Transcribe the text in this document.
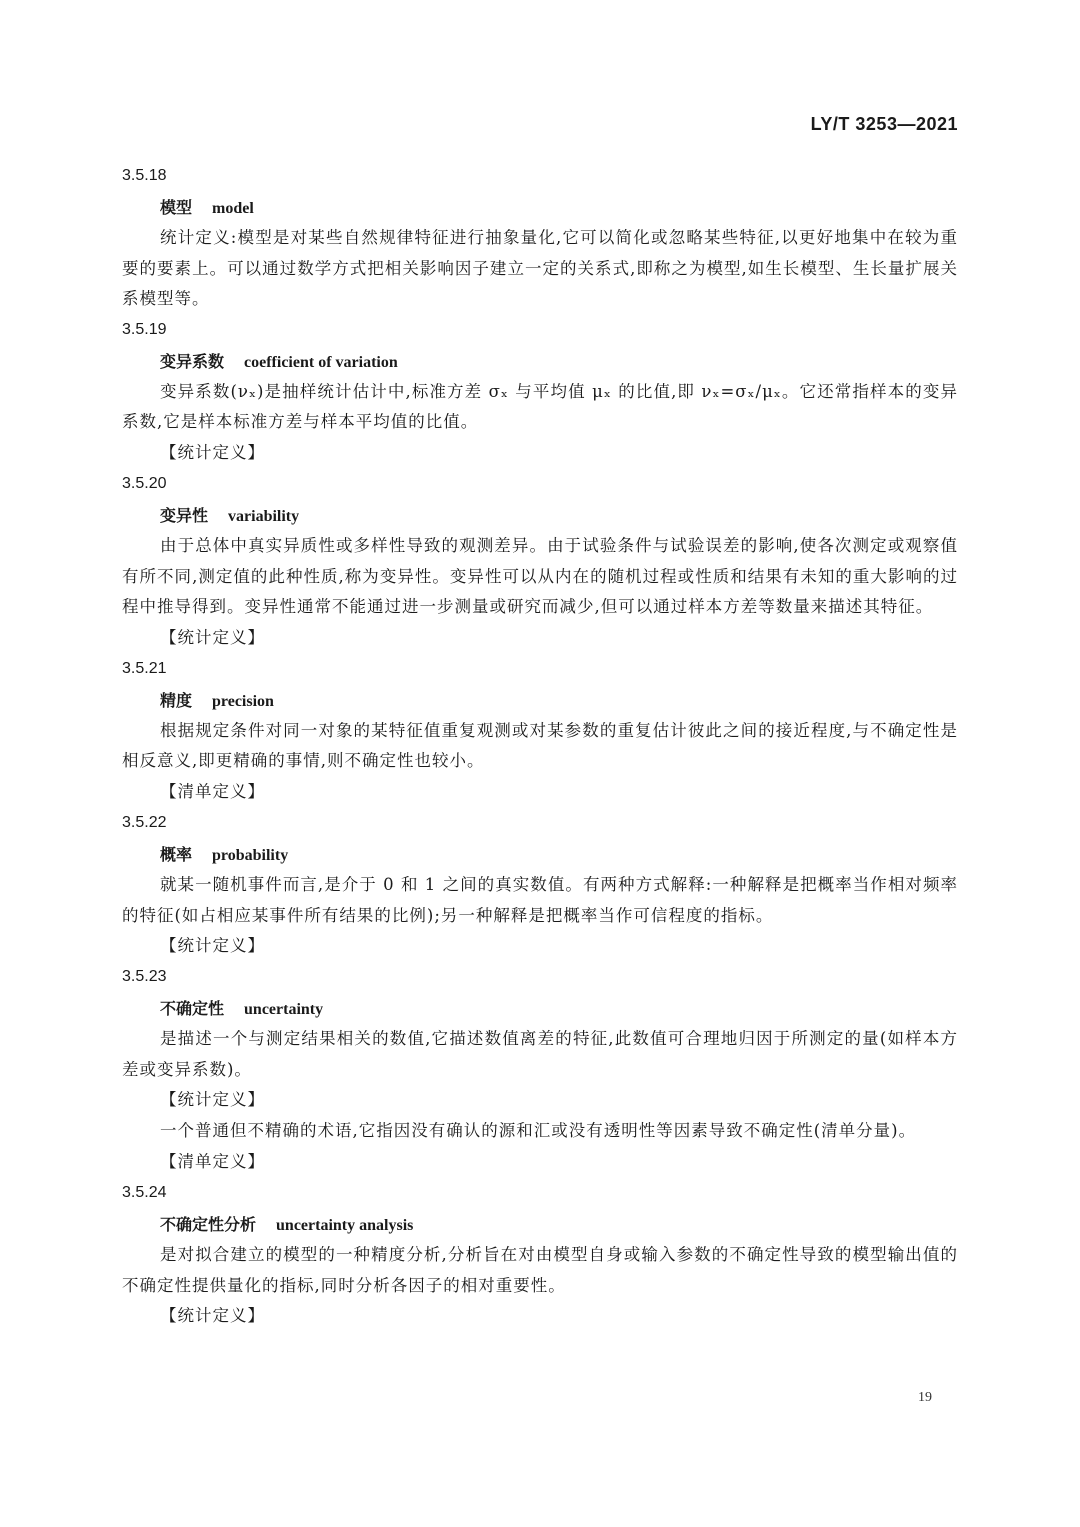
LY/T 3253—2021

3.5.18

模型 model

统计定义:模型是对某些自然规律特征进行抽象量化,它可以简化或忽略某些特征,以更好地集中在较为重要的要素上。可以通过数学方式把相关影响因子建立一定的关系式,即称之为模型,如生长模型、生长量扩展关系模型等。

3.5.19

变异系数 coefficient of variation

变异系数(νₓ)是抽样统计估计中,标准方差 σₓ 与平均值 μₓ 的比值,即 νₓ=σₓ/μₓ。它还常指样本的变异系数,它是样本标准方差与样本平均值的比值。

【统计定义】

3.5.20

变异性 variability

由于总体中真实异质性或多样性导致的观测差异。由于试验条件与试验误差的影响,使各次测定或观察值有所不同,测定值的此种性质,称为变异性。变异性可以从内在的随机过程或性质和结果有未知的重大影响的过程中推导得到。变异性通常不能通过进一步测量或研究而减少,但可以通过样本方差等数量来描述其特征。

【统计定义】

3.5.21

精度 precision

根据规定条件对同一对象的某特征值重复观测或对某参数的重复估计彼此之间的接近程度,与不确定性是相反意义,即更精确的事情,则不确定性也较小。

【清单定义】

3.5.22

概率 probability

就某一随机事件而言,是介于 0 和 1 之间的真实数值。有两种方式解释:一种解释是把概率当作相对频率的特征(如占相应某事件所有结果的比例);另一种解释是把概率当作可信程度的指标。

【统计定义】

3.5.23

不确定性 uncertainty

是描述一个与测定结果相关的数值,它描述数值离差的特征,此数值可合理地归因于所测定的量(如样本方差或变异系数)。

【统计定义】

一个普通但不精确的术语,它指因没有确认的源和汇或没有透明性等因素导致不确定性(清单分量)。

【清单定义】

3.5.24

不确定性分析 uncertainty analysis

是对拟合建立的模型的一种精度分析,分析旨在对由模型自身或输入参数的不确定性导致的模型输出值的不确定性提供量化的指标,同时分析各因子的相对重要性。

【统计定义】

19
